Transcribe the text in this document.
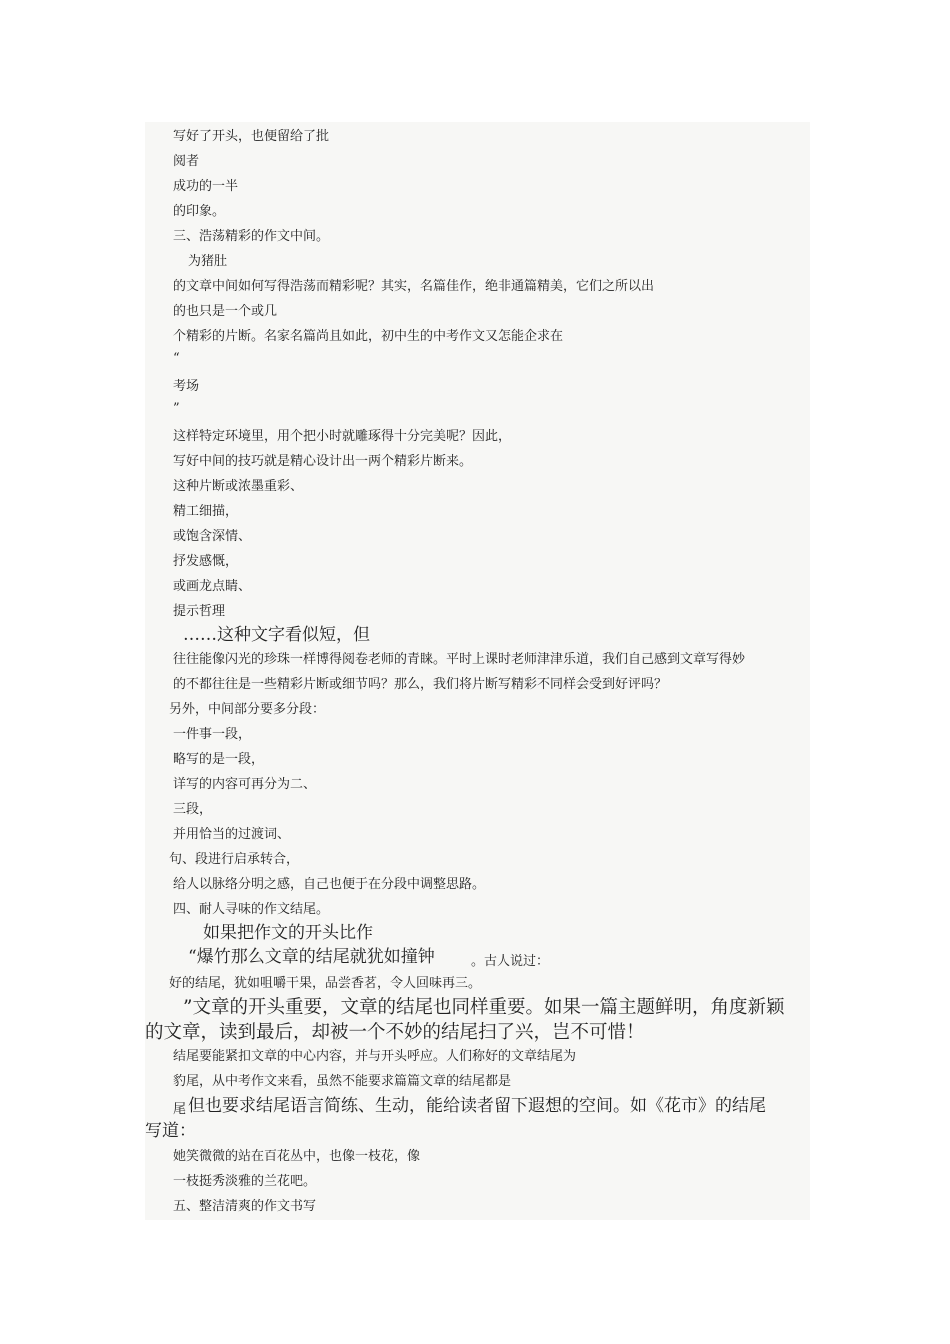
写好了开头，也便留给了批
阅者
成功的一半
的印象。
三、浩荡精彩的作文中间。
为猪肚
的文章中间如何写得浩荡而精彩呢？其实，名篇佳作，绝非通篇精美，它们之所以出
的也只是一个或几
个精彩的片断。名家名篇尚且如此，初中生的中考作文又怎能企求在
“
考场
”
这样特定环境里，用个把小时就雕琢得十分完美呢？因此，
写好中间的技巧就是精心设计出一两个精彩片断来。
这种片断或浓墨重彩、
精工细描，
或饱含深情、
抒发感慨，
或画龙点睛、
提示哲理
……这种文字看似短，但
往往能像闪光的珍珠一样博得阅卷老师的青睐。平时上课时老师津津乐道，我们自己感到文章写得妙
的不都往往是一些精彩片断或细节吗？那么，我们将片断写精彩不同样会受到好评吗？
另外，中间部分要多分段：
一件事一段，
略写的是一段，
详写的内容可再分为二、
三段，
并用恰当的过渡词、
句、段进行启承转合，
给人以脉络分明之感，自己也便于在分段中调整思路。
四、耐人寻味的作文结尾。
如果把作文的开头比作
“爆竹那么文章的结尾就犹如撞钟	。古人说过：
好的结尾，犹如咀嚼干果，品尝香茗，令人回味再三。
”文章的开头重要，文章的结尾也同样重要。如果一篇主题鲜明，角度新颖
的文章，读到最后，却被一个不妙的结尾扫了兴，岂不可惜！
结尾要能紧扣文章的中心内容，并与开头呼应。人们称好的文章结尾为
豹尾，从中考作文来看，虽然不能要求篇篇文章的结尾都是
尾 但也要求结尾语言简练、生动，能给读者留下遐想的空间。如《花市》的结尾
写道：
她笑微微的站在百花丛中，也像一枝花，像
一枝挺秀淡雅的兰花吧。
五、整洁清爽的作文书写
